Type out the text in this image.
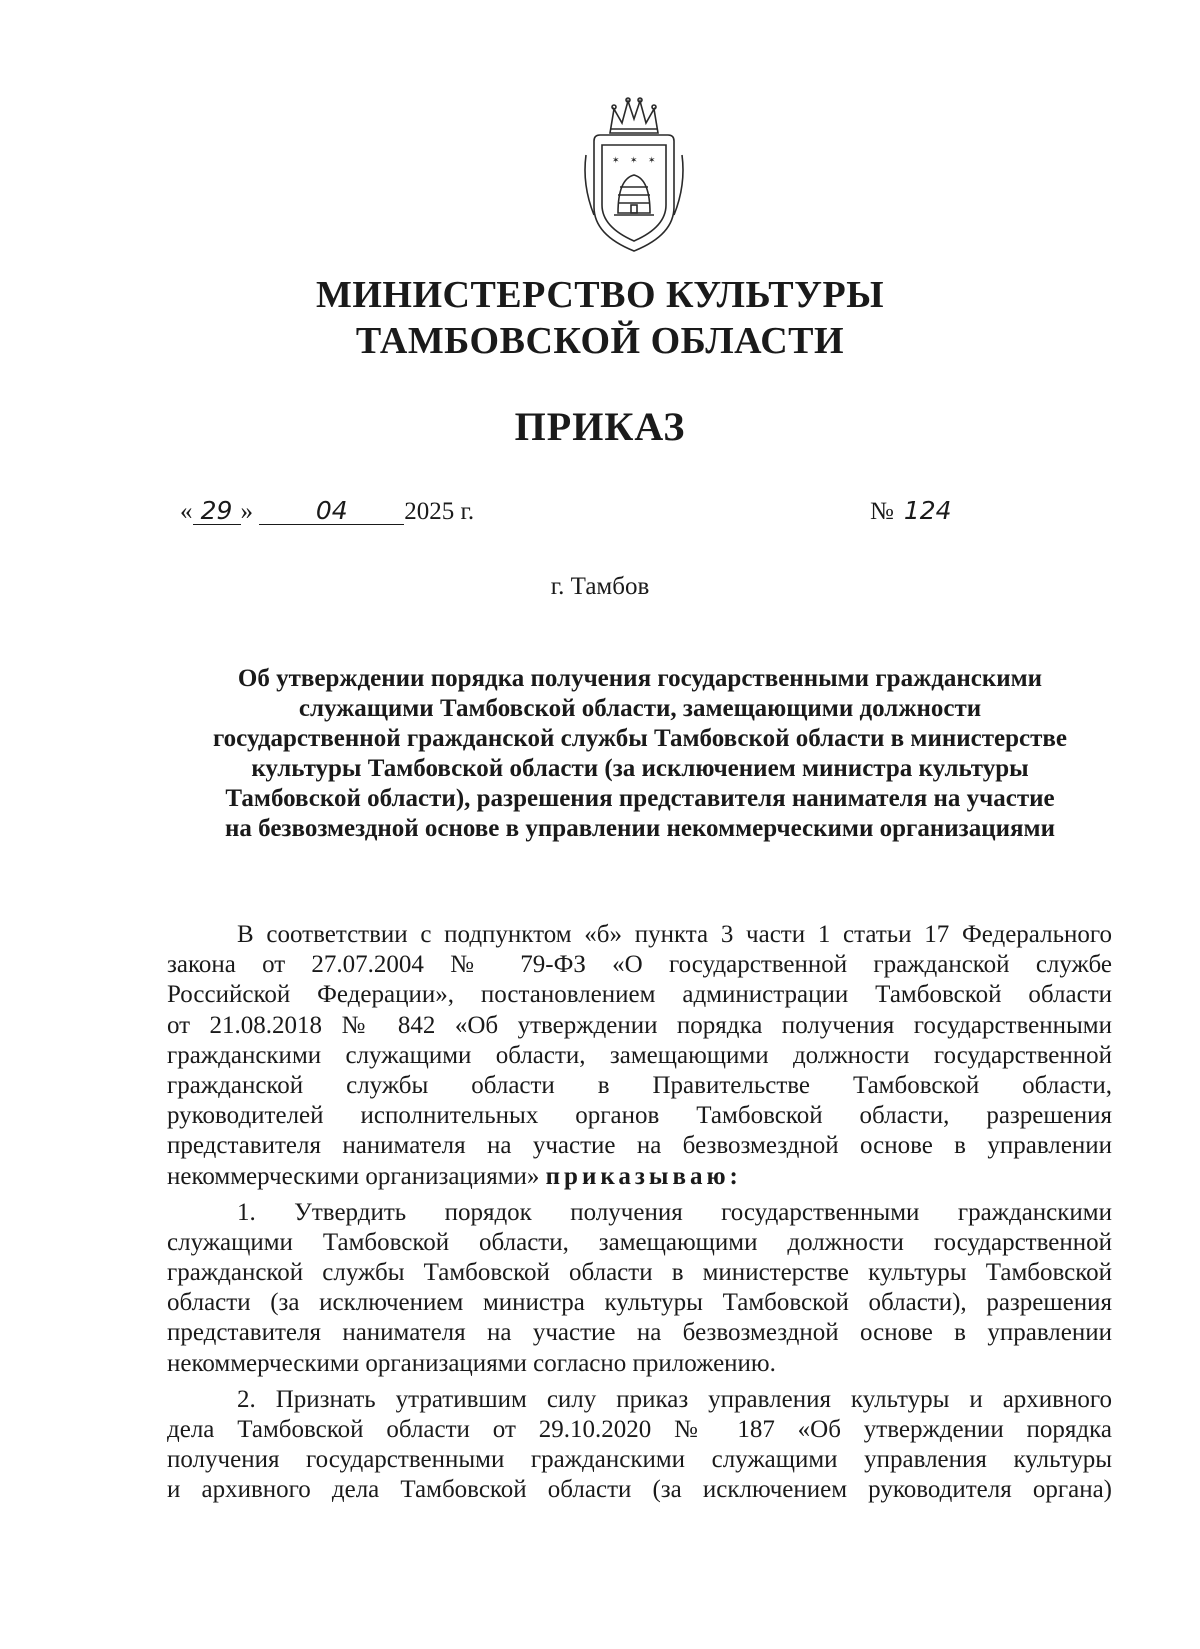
✶ ✶ ✶
МИНИСТЕРСТВО КУЛЬТУРЫ
ТАМБОВСКОЙ ОБЛАСТИ
ПРИКАЗ
« 29 »	04 2025 г.	№ 124
г. Тамбов
Об утверждении порядка получения государственными гражданскими
служащими Тамбовской области, замещающими должности
государственной гражданской службы Тамбовской области в министерстве
культуры Тамбовской области (за исключением министра культуры
Тамбовской области), разрешения представителя нанимателя на участие
на безвозмездной основе в управлении некоммерческими организациями
В соответствии с подпунктом «б» пункта 3 части 1 статьи 17 Федерального
закона от 27.07.2004 № 79-ФЗ «О государственной гражданской службе
Российской Федерации», постановлением администрации Тамбовской области
от 21.08.2018 № 842 «Об утверждении порядка получения государственными
гражданскими служащими области, замещающими должности государственной
гражданской службы области в Правительстве Тамбовской области,
руководителей исполнительных органов Тамбовской области, разрешения
представителя нанимателя на участие на безвозмездной основе в управлении
некоммерческими организациями» приказываю:
1. Утвердить порядок получения государственными гражданскими
служащими Тамбовской области, замещающими должности государственной
гражданской службы Тамбовской области в министерстве культуры Тамбовской
области (за исключением министра культуры Тамбовской области), разрешения
представителя нанимателя на участие на безвозмездной основе в управлении
некоммерческими организациями согласно приложению.
2. Признать утратившим силу приказ управления культуры и архивного
дела Тамбовской области от 29.10.2020 № 187 «Об утверждении порядка
получения государственными гражданскими служащими управления культуры
и архивного дела Тамбовской области (за исключением руководителя органа)
